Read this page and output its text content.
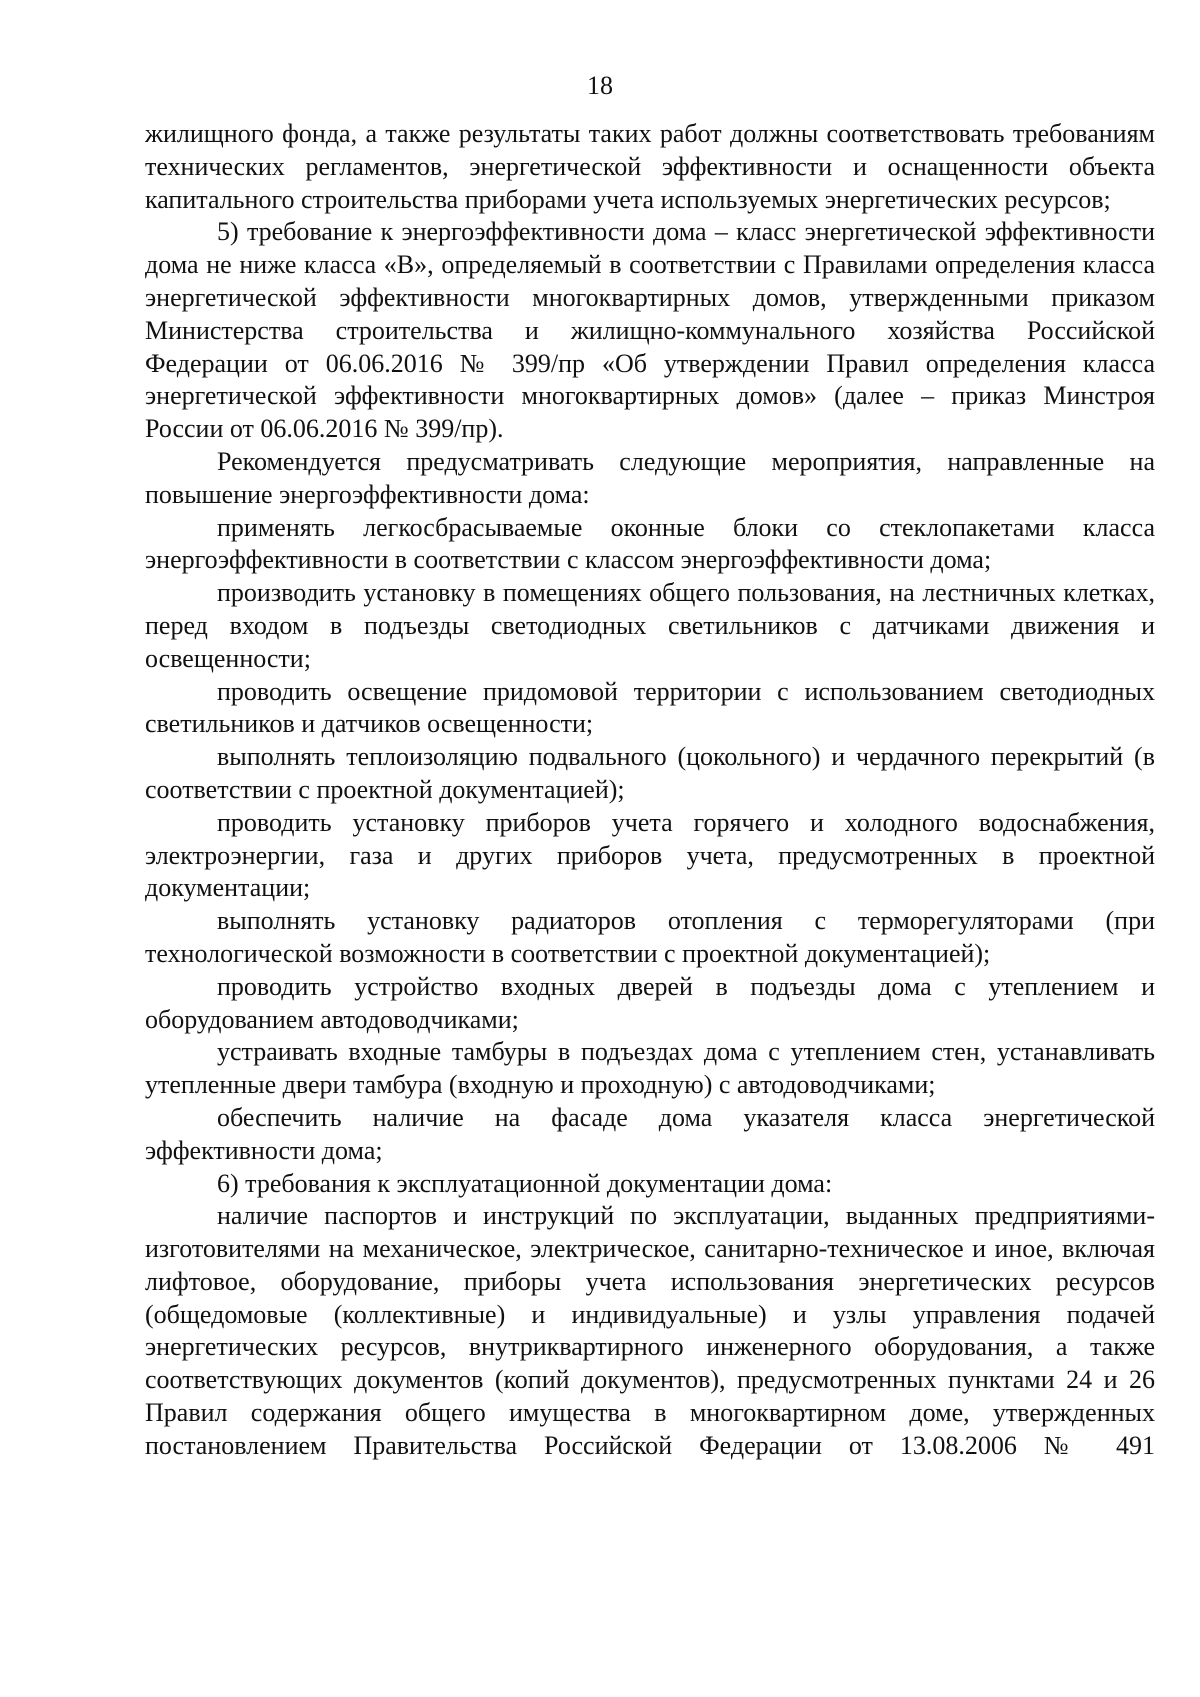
18

жилищного фонда, а также результаты таких работ должны соответствовать требованиям технических регламентов, энергетической эффективности и оснащенности объекта капитального строительства приборами учета используемых энергетических ресурсов;

5) требование к энергоэффективности дома – класс энергетической эффективности дома не ниже класса «B», определяемый в соответствии с Правилами определения класса энергетической эффективности многоквартирных домов, утвержденными приказом Министерства строительства и жилищно-коммунального хозяйства Российской Федерации от 06.06.2016 № 399/пр «Об утверждении Правил определения класса энергетической эффективности многоквартирных домов» (далее – приказ Минстроя России от 06.06.2016 № 399/пр).

Рекомендуется предусматривать следующие мероприятия, направленные на повышение энергоэффективности дома:

применять легкосбрасываемые оконные блоки со стеклопакетами класса энергоэффективности в соответствии с классом энергоэффективности дома;

производить установку в помещениях общего пользования, на лестничных клетках, перед входом в подъезды светодиодных светильников с датчиками движения и освещенности;

проводить освещение придомовой территории с использованием светодиодных светильников и датчиков освещенности;

выполнять теплоизоляцию подвального (цокольного) и чердачного перекрытий (в соответствии с проектной документацией);

проводить установку приборов учета горячего и холодного водоснабжения, электроэнергии, газа и других приборов учета, предусмотренных в проектной документации;

выполнять установку радиаторов отопления с терморегуляторами (при технологической возможности в соответствии с проектной документацией);

проводить устройство входных дверей в подъезды дома с утеплением и оборудованием автодоводчиками;

устраивать входные тамбуры в подъездах дома с утеплением стен, устанавливать утепленные двери тамбура (входную и проходную) с автодоводчиками;

обеспечить наличие на фасаде дома указателя класса энергетической эффективности дома;

6) требования к эксплуатационной документации дома:

наличие паспортов и инструкций по эксплуатации, выданных предприятиями-изготовителями на механическое, электрическое, санитарно-техническое и иное, включая лифтовое, оборудование, приборы учета использования энергетических ресурсов (общедомовые (коллективные) и индивидуальные) и узлы управления подачей энергетических ресурсов, внутриквартирного инженерного оборудования, а также соответствующих документов (копий документов), предусмотренных пунктами 24 и 26 Правил содержания общего имущества в многоквартирном доме, утвержденных постановлением Правительства Российской Федерации от 13.08.2006 № 491
